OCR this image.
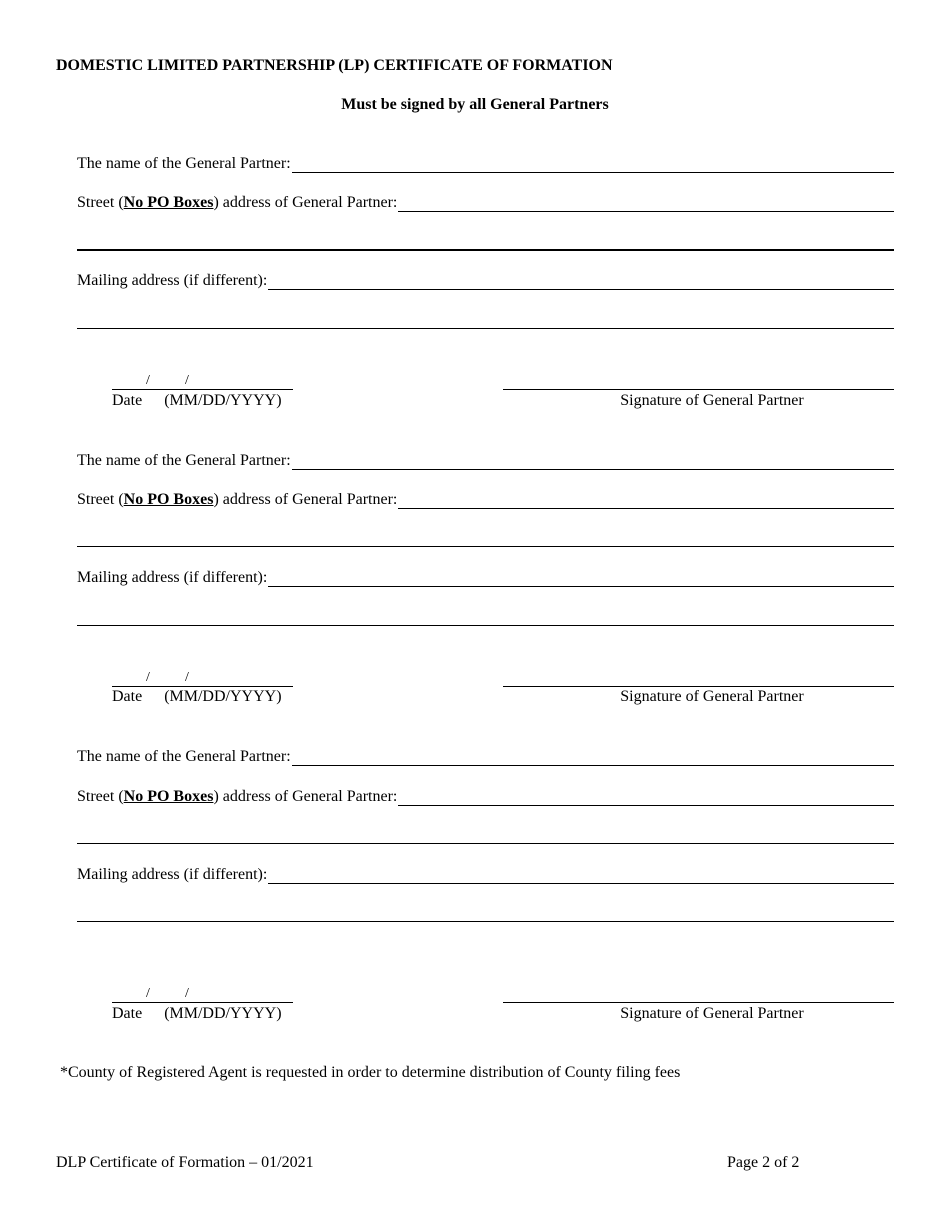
DOMESTIC LIMITED PARTNERSHIP (LP) CERTIFICATE OF FORMATION
Must be signed by all General Partners
The name of the General Partner:
Street (No PO Boxes) address of General Partner:
Mailing address (if different):
/	/
Date (MM/DD/YYYY)	Signature of General Partner
The name of the General Partner:
Street (No PO Boxes) address of General Partner:
Mailing address (if different):
/	/
Date (MM/DD/YYYY)	Signature of General Partner
The name of the General Partner:
Street (No PO Boxes) address of General Partner:
Mailing address (if different):
/	/
Date (MM/DD/YYYY)	Signature of General Partner
*County of Registered Agent is requested in order to determine distribution of County filing fees
DLP Certificate of Formation – 01/2021	Page 2 of 2
